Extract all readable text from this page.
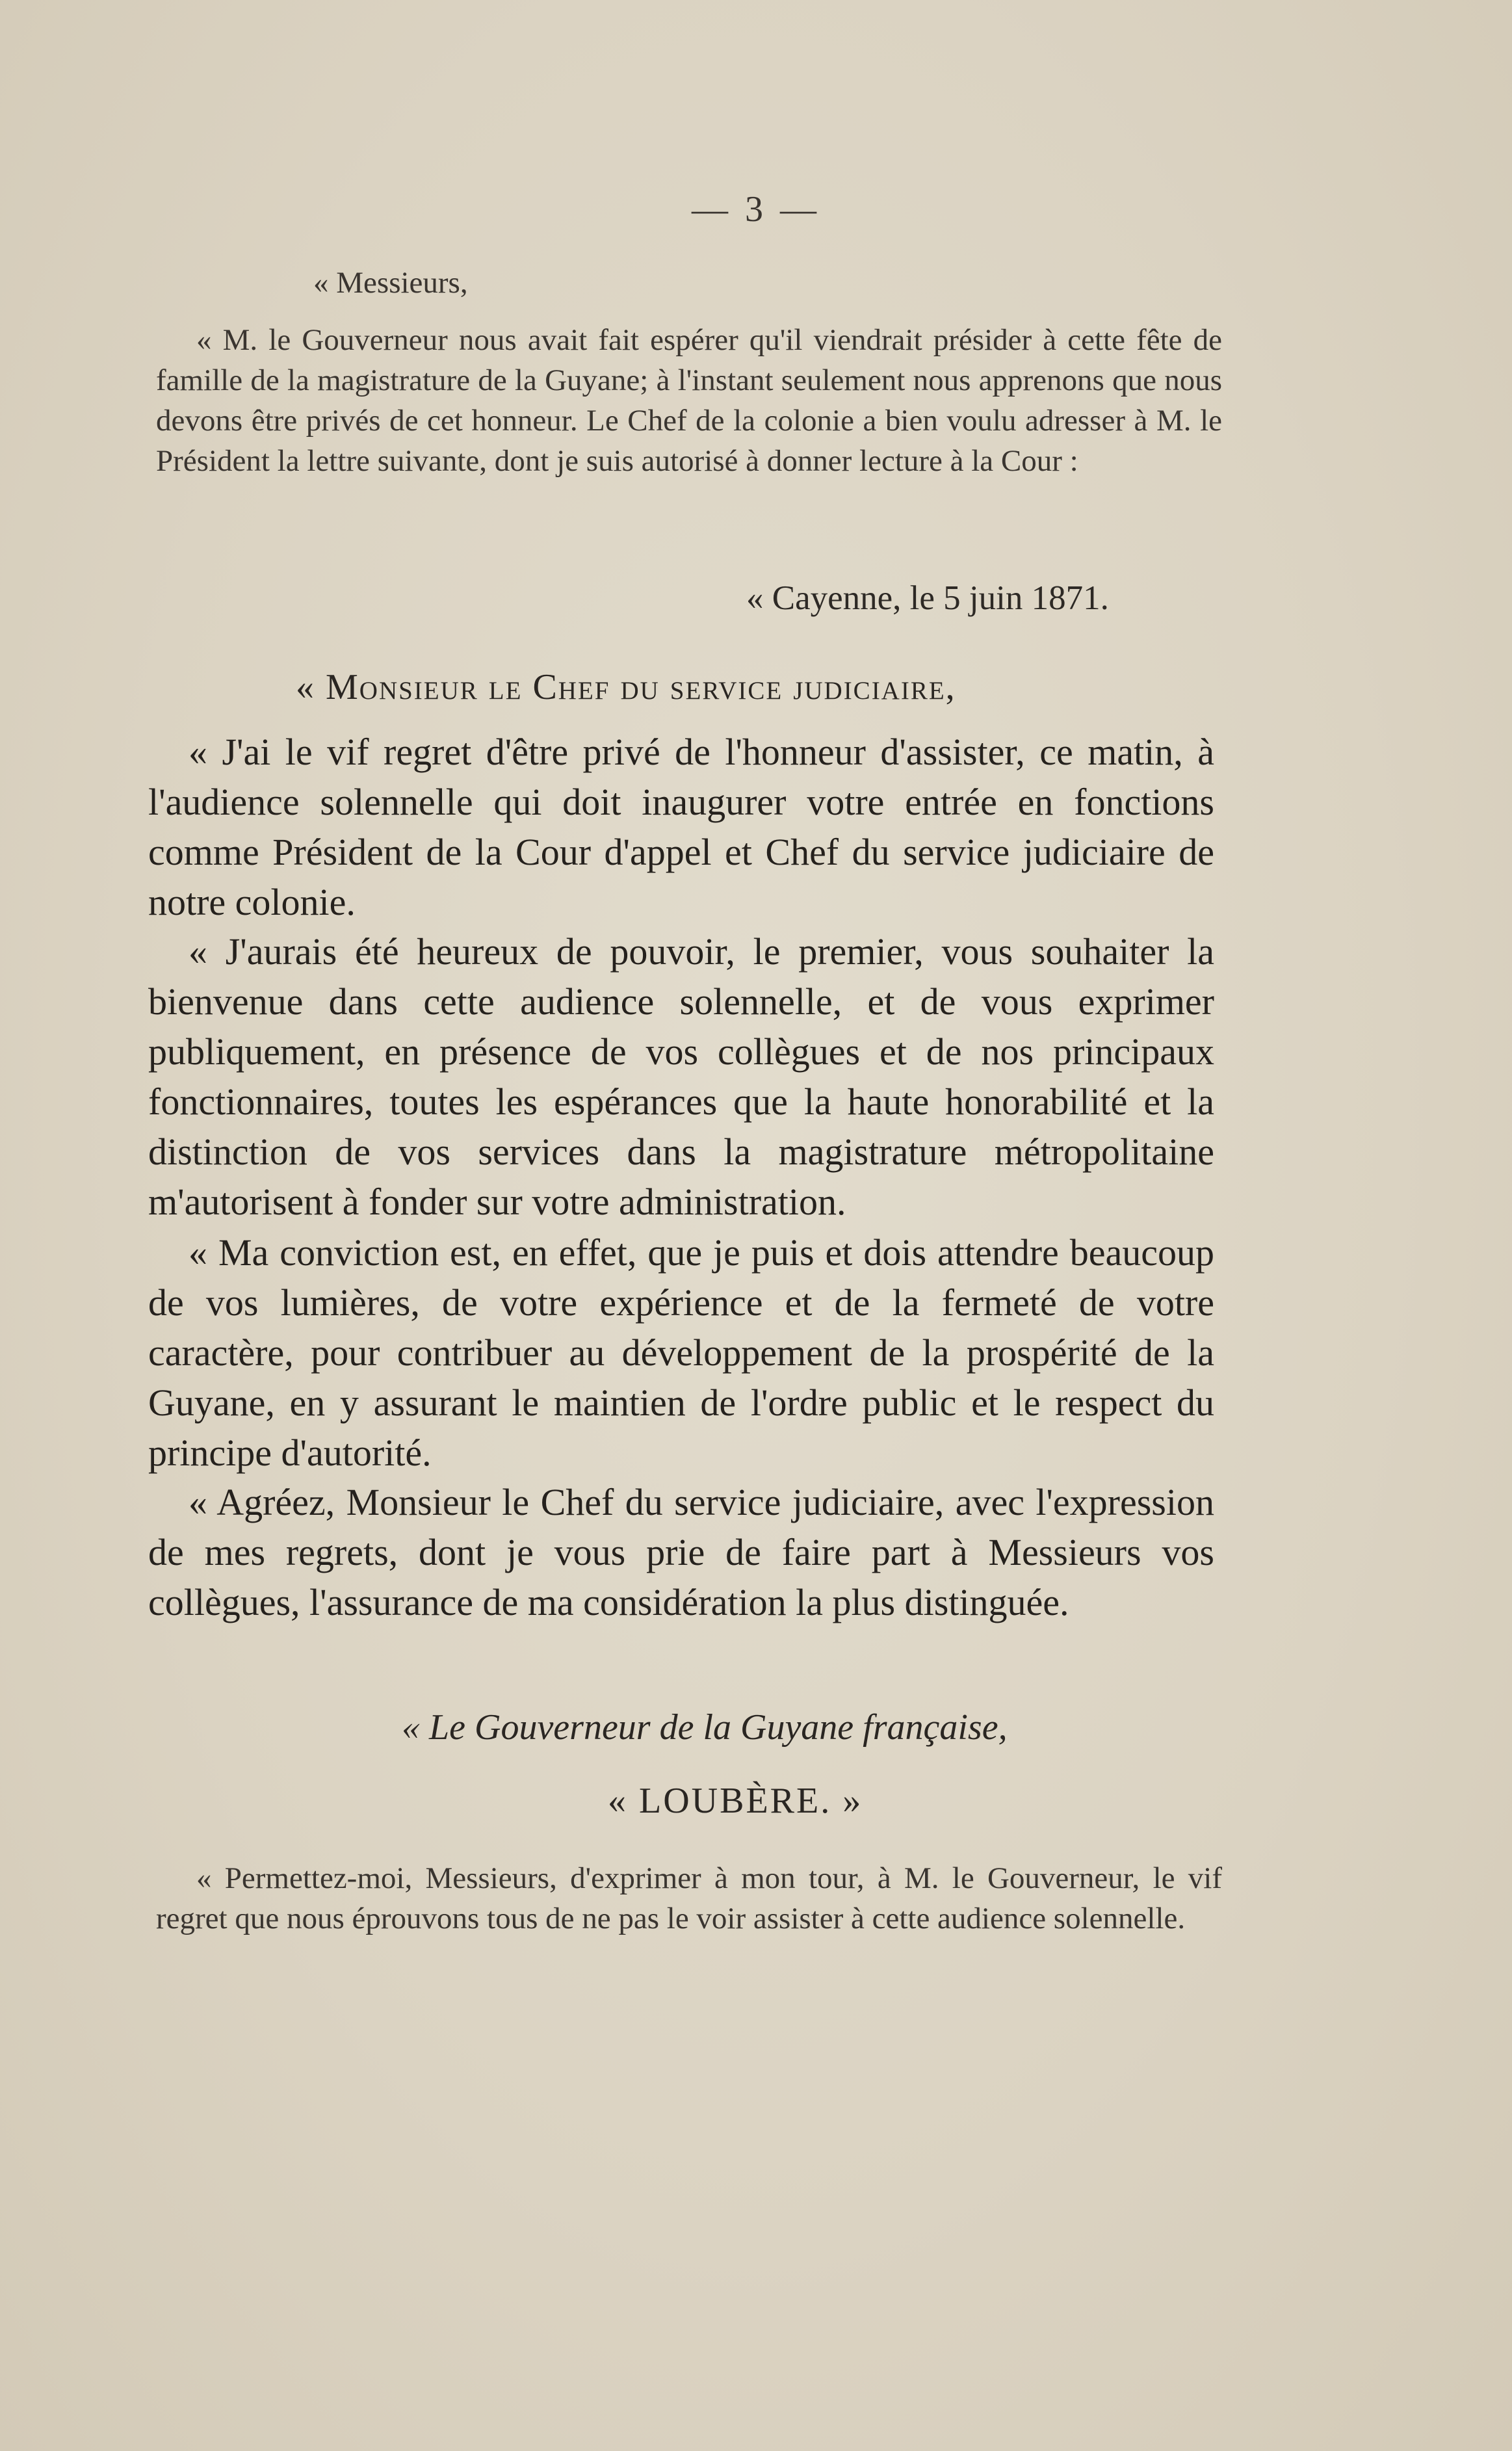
— 3 —
« Messieurs,

« M. le Gouverneur nous avait fait espérer qu'il viendrait présider à cette fête de famille de la magistrature de la Guyane; à l'instant seulement nous apprenons que nous devons être privés de cet honneur. Le Chef de la colonie a bien voulu adresser à M. le Président la lettre suivante, dont je suis autorisé à donner lecture à la Cour :

« Cayenne, le 5 juin 1871.
« Monsieur le Chef du service judiciaire,

« J'ai le vif regret d'être privé de l'honneur d'assister, ce matin, à l'audience solennelle qui doit inaugurer votre entrée en fonctions comme Président de la Cour d'appel et Chef du service judiciaire de notre colonie.

« J'aurais été heureux de pouvoir, le premier, vous souhaiter la bienvenue dans cette audience solennelle, et de vous exprimer publiquement, en présence de vos collègues et de nos principaux fonctionnaires, toutes les espérances que la haute honorabilité et la distinction de vos services dans la magistrature métropolitaine m'autorisent à fonder sur votre administration.

« Ma conviction est, en effet, que je puis et dois attendre beaucoup de vos lumières, de votre expérience et de la fermeté de votre caractère, pour contribuer au développement de la prospérité de la Guyane, en y assurant le maintien de l'ordre public et le respect du principe d'autorité.

« Agréez, Monsieur le Chef du service judiciaire, avec l'expression de mes regrets, dont je vous prie de faire part à Messieurs vos collègues, l'assurance de ma considération la plus distinguée.

« Le Gouverneur de la Guyane française,
« LOUBÈRE. »

« Permettez-moi, Messieurs, d'exprimer à mon tour, à M. le Gouverneur, le vif regret que nous éprouvons tous de ne pas le voir assister à cette audience solennelle.
